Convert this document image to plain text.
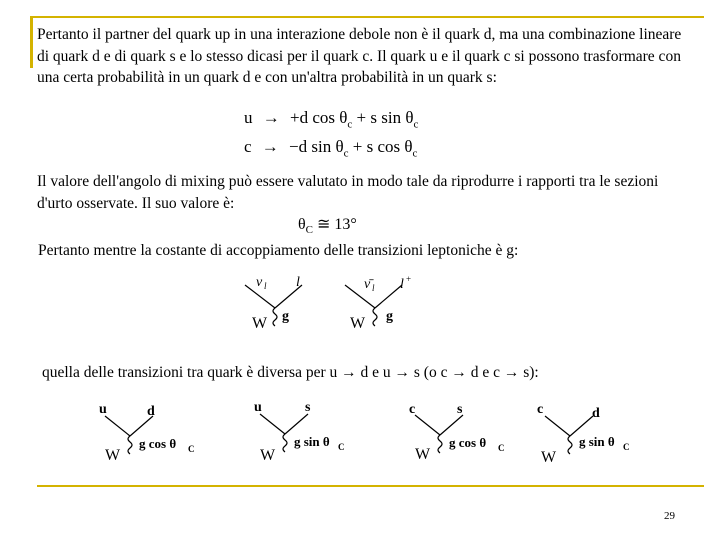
Pertanto il partner del quark up in una interazione debole non è il quark d, ma una combinazione lineare di quark d e di quark s e lo stesso dicasi per il quark c. Il quark u e il quark c si possono trasformare con una certa probabilità in un quark d e con un'altra probabilità in un quark s:
u → +d $\cos \theta_c + s$ $\sin \theta_c$
c → −d $\sin \theta_c + s$ $\cos \theta_c$
Il valore dell'angolo di mixing può essere valutato in modo tale da riprodurre i rapporti tra le sezioni d'urto osservate. Il suo valore è:
$\theta_C$ ≅ 13°
Pertanto mentre la costante di accoppiamento delle transizioni leptoniche è g:
ν l l
g
W
ν̄ l l +
g
W
quella delle transizioni tra quark è diversa per u → d e u → s (o c → d e c → s):
u	d
g cos θ C
W
u	s
g sin θ C
W
c	s
g cos θ C
W
c	d
g sin θ C
W
29
